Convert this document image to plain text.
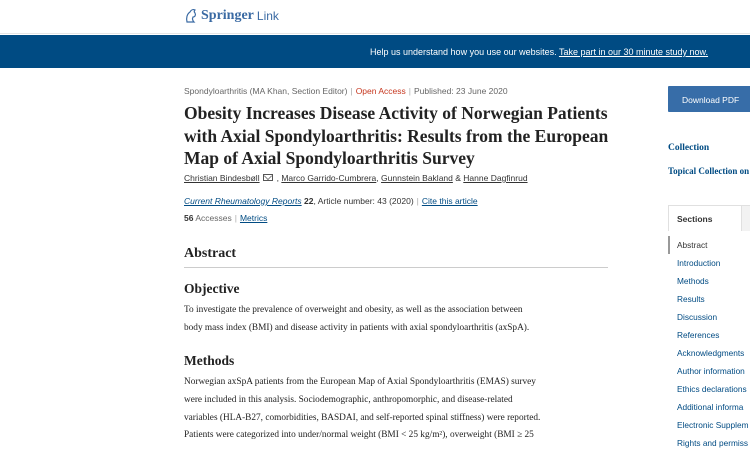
Springer Link
Help us understand how you use our websites. Take part in our 30 minute study now.
Spondyloarthritis (MA Khan, Section Editor) | Open Access | Published: 23 June 2020
Obesity Increases Disease Activity of Norwegian Patients with Axial Spondyloarthritis: Results from the European Map of Axial Spondyloarthritis Survey
Christian Bindesbøll , Marco Garrido-Cumbrera, Gunnstein Bakland & Hanne Dagfinrud
Current Rheumatology Reports 22, Article number: 43 (2020) | Cite this article
56 Accesses | Metrics
Abstract
Objective
To investigate the prevalence of overweight and obesity, as well as the association between
body mass index (BMI) and disease activity in patients with axial spondyloarthritis (axSpA).
Methods
Norwegian axSpA patients from the European Map of Axial Spondyloarthritis (EMAS) survey
were included in this analysis. Sociodemographic, anthropomorphic, and disease-related
variables (HLA-B27, comorbidities, BASDAI, and self-reported spinal stiffness) were reported.
Patients were categorized into under/normal weight (BMI < 25 kg/m²), overweight (BMI ≥ 25
Download PDF
Collection
Topical Collection on
Sections
Abstract
Introduction
Methods
Results
Discussion
References
Acknowledgments
Author information
Ethics declarations
Additional informa
Electronic Supplem
Rights and permiss
